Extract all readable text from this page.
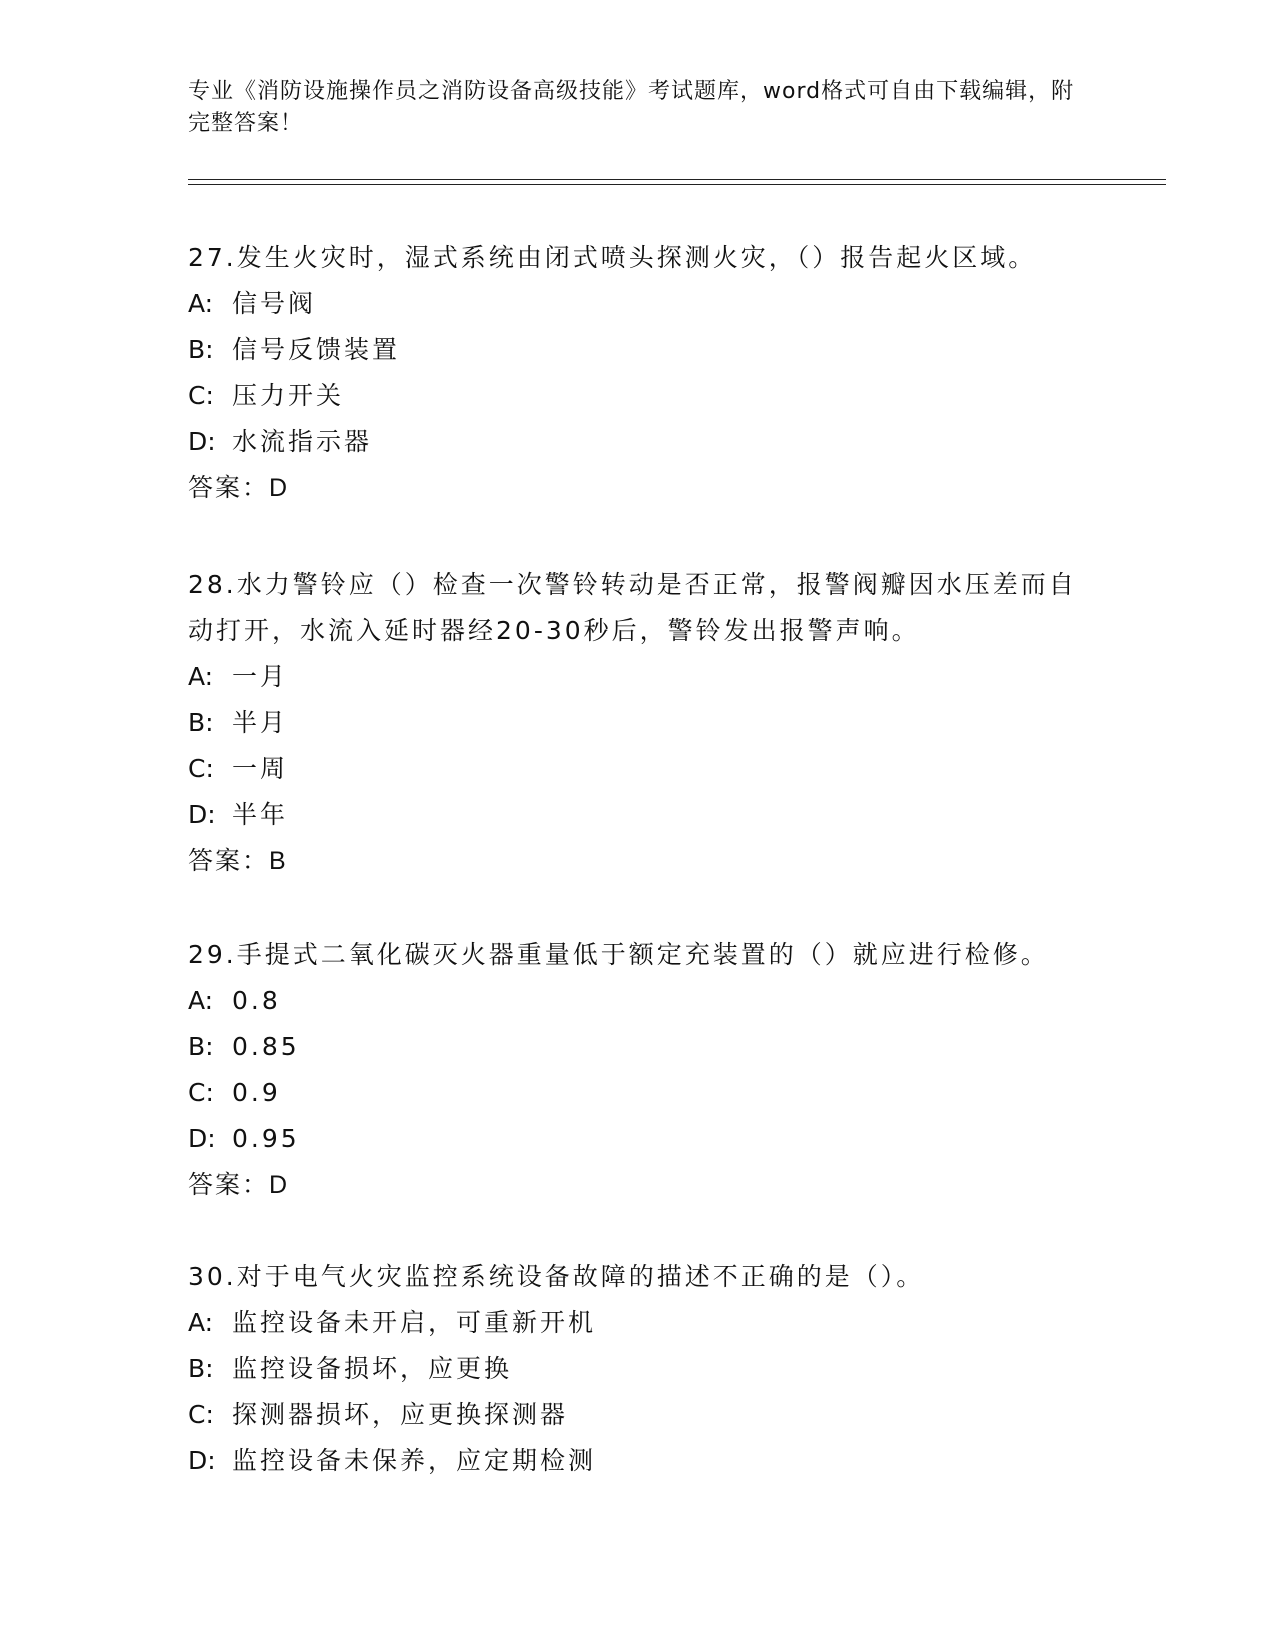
专业《消防设施操作员之消防设备高级技能》考试题库，word格式可自由下载编辑，附完整答案！
27.发生火灾时，湿式系统由闭式喷头探测火灾，（）报告起火区域。
A: 信号阀
B: 信号反馈装置
C: 压力开关
D: 水流指示器
答案：D
28.水力警铃应（）检查一次警铃转动是否正常，报警阀瓣因水压差而自动打开，水流入延时器经20-30秒后，警铃发出报警声响。
A: 一月
B: 半月
C: 一周
D: 半年
答案：B
29.手提式二氧化碳灭火器重量低于额定充装置的（）就应进行检修。
A: 0.8
B: 0.85
C: 0.9
D: 0.95
答案：D
30.对于电气火灾监控系统设备故障的描述不正确的是（）。
A: 监控设备未开启，可重新开机
B: 监控设备损坏，应更换
C: 探测器损坏，应更换探测器
D: 监控设备未保养，应定期检测
